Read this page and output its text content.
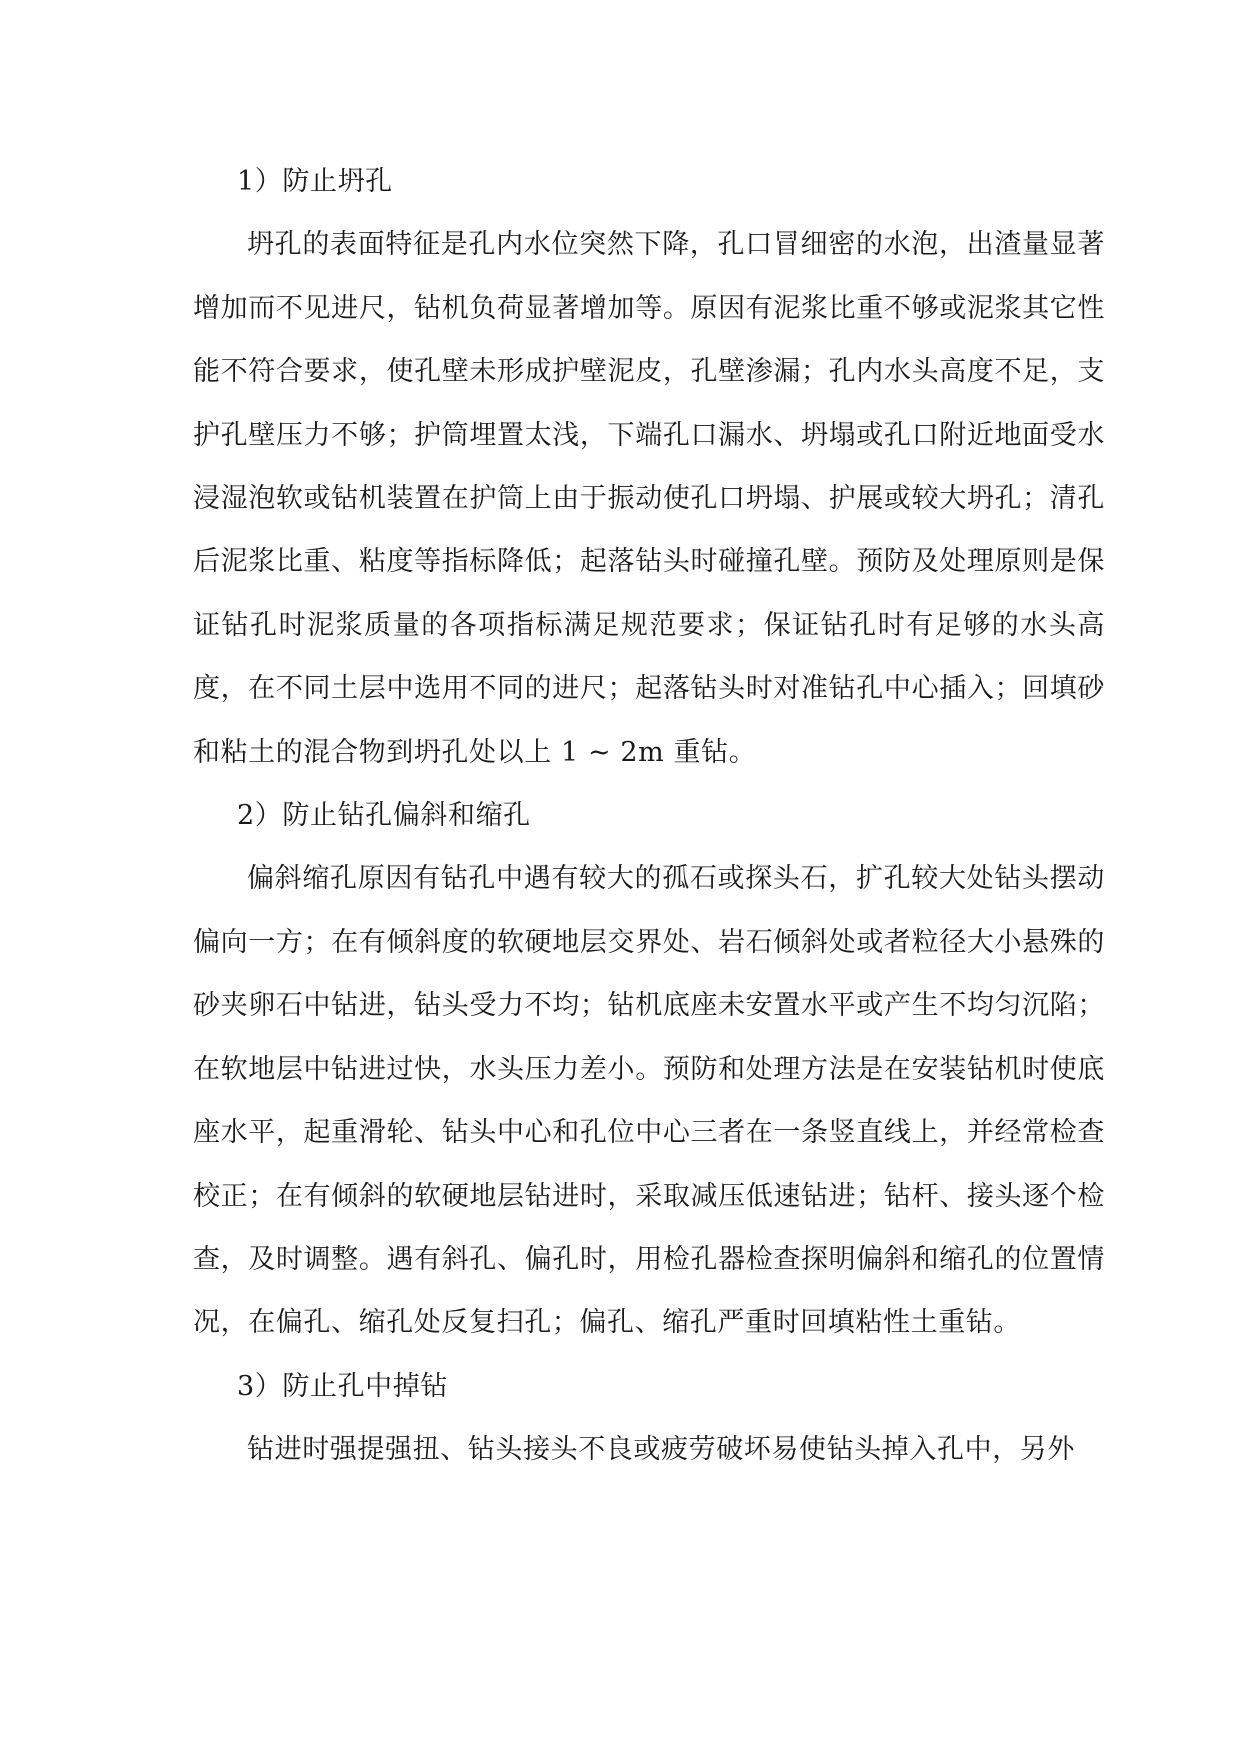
1）防止坍孔

坍孔的表面特征是孔内水位突然下降，孔口冒细密的水泡，出渣量显著增加而不见进尺，钻机负荷显著增加等。原因有泥浆比重不够或泥浆其它性能不符合要求，使孔壁未形成护壁泥皮，孔壁渗漏；孔内水头高度不足，支护孔壁压力不够；护筒埋置太浅，下端孔口漏水、坍塌或孔口附近地面受水浸湿泡软或钻机装置在护筒上由于振动使孔口坍塌、护展或较大坍孔；清孔后泥浆比重、粘度等指标降低；起落钻头时碰撞孔壁。预防及处理原则是保证钻孔时泥浆质量的各项指标满足规范要求；保证钻孔时有足够的水头高度，在不同土层中选用不同的进尺；起落钻头时对准钻孔中心插入；回填砂和粘土的混合物到坍孔处以上 1 ~ 2m 重钻。

2）防止钻孔偏斜和缩孔

偏斜缩孔原因有钻孔中遇有较大的孤石或探头石，扩孔较大处钻头摆动偏向一方；在有倾斜度的软硬地层交界处、岩石倾斜处或者粒径大小悬殊的砂夹卵石中钻进，钻头受力不均；钻机底座未安置水平或产生不均匀沉陷；在软地层中钻进过快，水头压力差小。预防和处理方法是在安装钻机时使底座水平，起重滑轮、钻头中心和孔位中心三者在一条竖直线上，并经常检查校正；在有倾斜的软硬地层钻进时，采取减压低速钻进；钻杆、接头逐个检查，及时调整。遇有斜孔、偏孔时，用检孔器检查探明偏斜和缩孔的位置情况，在偏孔、缩孔处反复扫孔；偏孔、缩孔严重时回填粘性土重钻。

3）防止孔中掉钻

钻进时强提强扭、钻头接头不良或疲劳破坏易使钻头掉入孔中，另外
